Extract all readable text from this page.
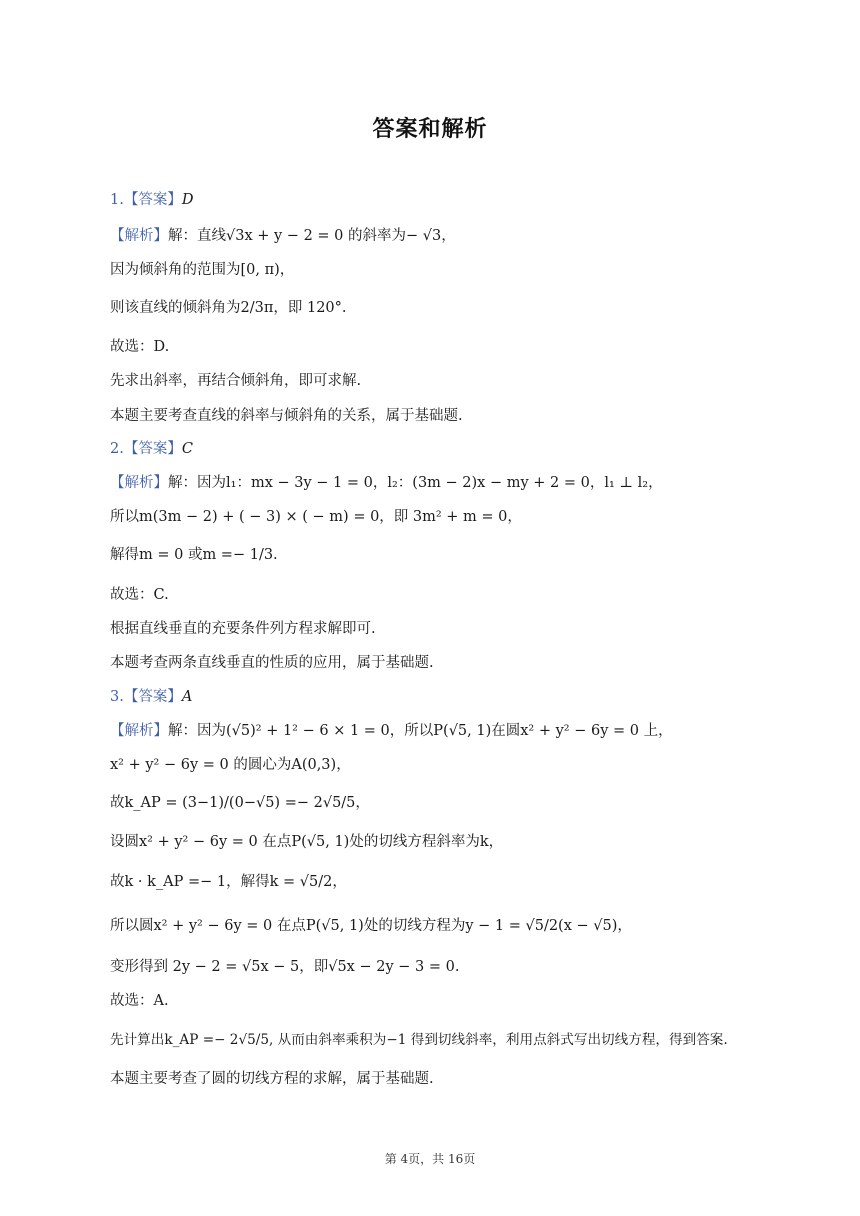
答案和解析
1.【答案】D
【解析】解：直线√3x + y − 2 = 0 的斜率为− √3，
因为倾斜角的范围为[0, π)，
则该直线的倾斜角为2/3π，即 120°.
故选：D.
先求出斜率，再结合倾斜角，即可求解.
本题主要考查直线的斜率与倾斜角的关系，属于基础题.
2.【答案】C
【解析】解：因为l₁：mx − 3y − 1 = 0，l₂：(3m − 2)x − my + 2 = 0，l₁ ⊥ l₂，
所以m(3m − 2) + ( − 3) × ( − m) = 0，即 3m² + m = 0，
解得m = 0 或m =− 1/3.
故选：C.
根据直线垂直的充要条件列方程求解即可.
本题考查两条直线垂直的性质的应用，属于基础题.
3.【答案】A
【解析】解：因为(√5)² + 1² − 6 × 1 = 0，所以P(√5, 1)在圆x² + y² − 6y = 0 上，
x² + y² − 6y = 0 的圆心为A(0,3)，
故k_AP = (3−1)/(0−√5) =− 2√5/5，
设圆x² + y² − 6y = 0 在点P(√5, 1)处的切线方程斜率为k，
故k · k_AP =− 1，解得k = √5/2，
所以圆x² + y² − 6y = 0 在点P(√5, 1)处的切线方程为y − 1 = √5/2(x − √5)，
变形得到 2y − 2 = √5x − 5，即√5x − 2y − 3 = 0.
故选：A.
先计算出k_AP =− 2√5/5, 从而由斜率乘积为−1 得到切线斜率，利用点斜式写出切线方程，得到答案.
本题主要考查了圆的切线方程的求解，属于基础题.
第 4页，共 16页
